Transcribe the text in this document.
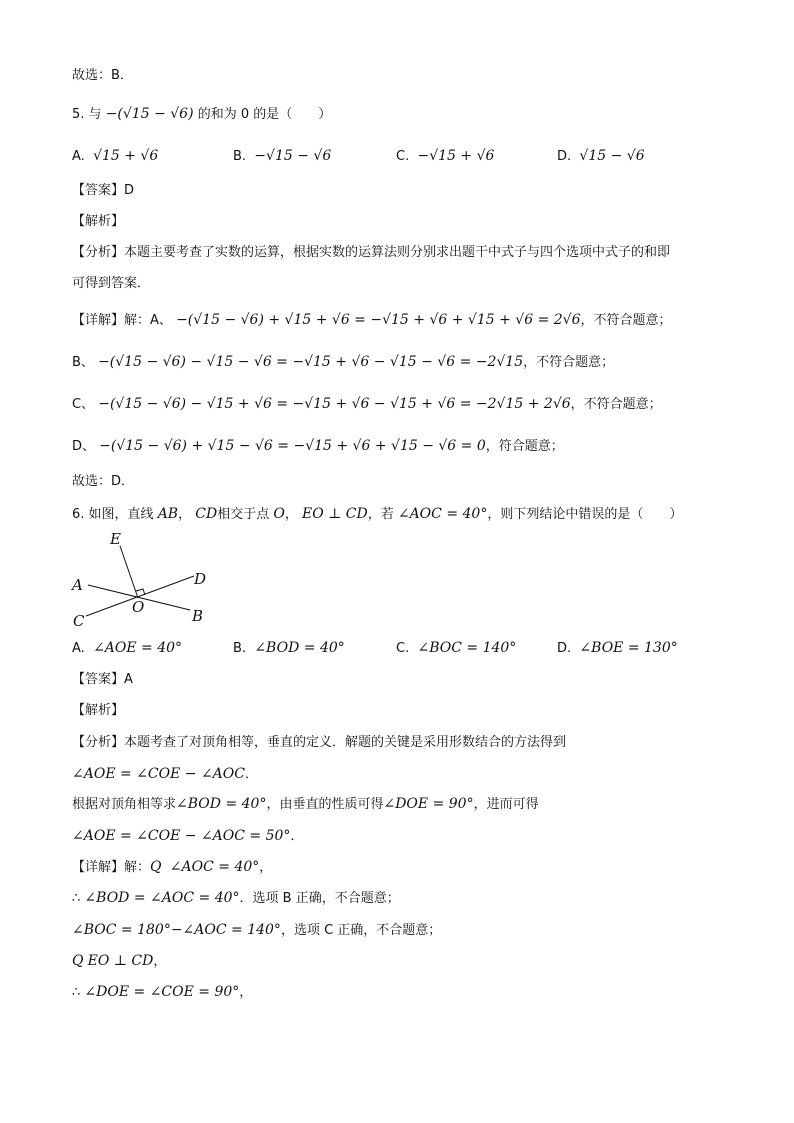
故选：B．
5. 与 −(√15 − √6) 的和为 0 的是（　　）
A. √15 + √6	B. −√15 − √6	C. −√15 + √6	D. √15 − √6
【答案】D
【解析】
【分析】本题主要考查了实数的运算，根据实数的运算法则分别求出题干中式子与四个选项中式子的和即
可得到答案．
【详解】解：A、 −(√15 − √6) + √15 + √6 = −√15 + √6 + √15 + √6 = 2√6，不符合题意；
B、 −(√15 − √6) − √15 − √6 = −√15 + √6 − √15 − √6 = −2√15，不符合题意；
C、 −(√15 − √6) − √15 + √6 = −√15 + √6 − √15 + √6 = −2√15 + 2√6，不符合题意；
D、 −(√15 − √6) + √15 − √6 = −√15 + √6 + √15 − √6 = 0，符合题意；
故选：D．
6. 如图，直线 AB， CD相交于点 O， EO ⊥ CD，若 ∠AOC = 40°，则下列结论中错误的是（　　）
E
A	D
C
O	B
A. ∠AOE = 40°	B. ∠BOD = 40°	C. ∠BOC = 140°	D. ∠BOE = 130°
【答案】A
【解析】
【分析】本题考查了对顶角相等，垂直的定义．解题的关键是采用形数结合的方法得到
∠AOE = ∠COE − ∠AOC．
根据对顶角相等求∠BOD = 40°，由垂直的性质可得∠DOE = 90°，进而可得
∠AOE = ∠COE − ∠AOC = 50°．
【详解】解：Q ∠AOC = 40°，
∴ ∠BOD = ∠AOC = 40°．选项 B 正确，不合题意；
∠BOC = 180°−∠AOC = 140°，选项 C 正确，不合题意；
Q EO ⊥ CD，
∴ ∠DOE = ∠COE = 90°，
